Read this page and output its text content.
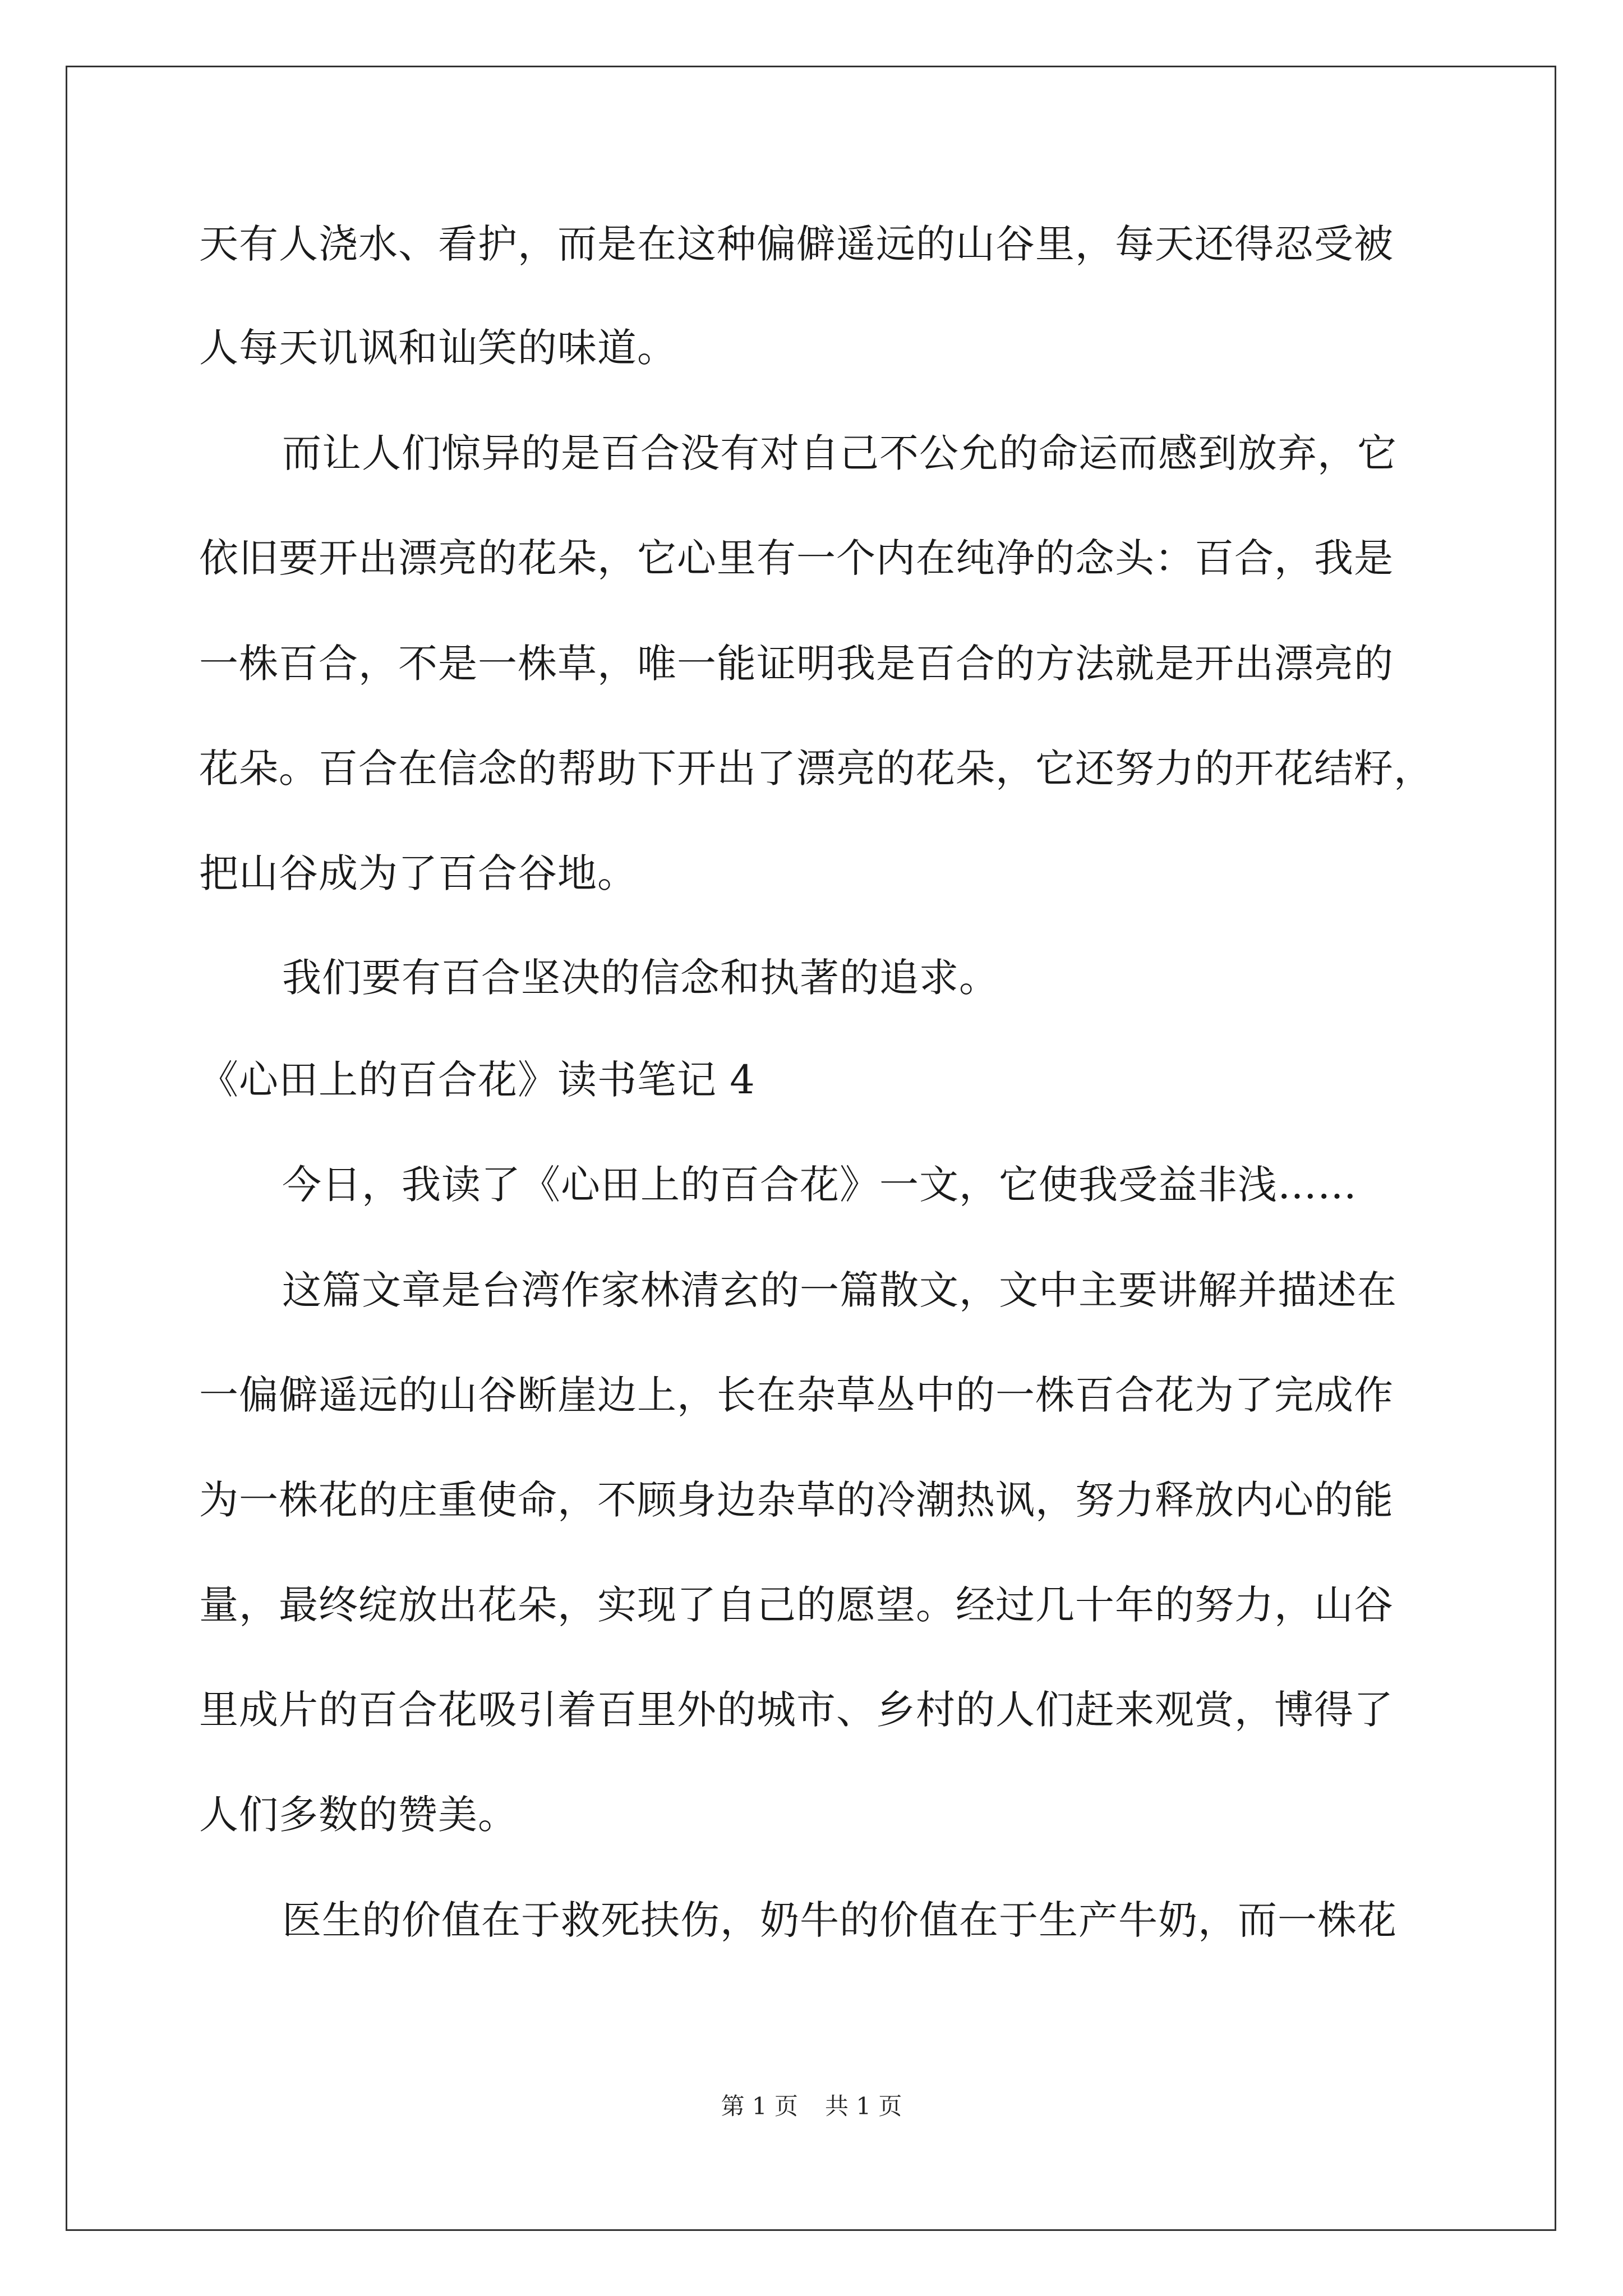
天有人浇水、看护，而是在这种偏僻遥远的山谷里，每天还得忍受被
人每天讥讽和讪笑的味道。
而让人们惊异的是百合没有对自己不公允的命运而感到放弃，它
依旧要开出漂亮的花朵，它心里有一个内在纯净的念头：百合，我是
一株百合，不是一株草，唯一能证明我是百合的方法就是开出漂亮的
花朵。百合在信念的帮助下开出了漂亮的花朵，它还努力的开花结籽，
把山谷成为了百合谷地。
我们要有百合坚决的信念和执著的追求。
《心田上的百合花》读书笔记 4
今日，我读了《心田上的百合花》一文，它使我受益非浅……
这篇文章是台湾作家林清玄的一篇散文，文中主要讲解并描述在
一偏僻遥远的山谷断崖边上，长在杂草丛中的一株百合花为了完成作
为一株花的庄重使命，不顾身边杂草的冷潮热讽，努力释放内心的能
量，最终绽放出花朵，实现了自己的愿望。经过几十年的努力，山谷
里成片的百合花吸引着百里外的城市、乡村的人们赶来观赏，博得了
人们多数的赞美。
医生的价值在于救死扶伤，奶牛的价值在于生产牛奶，而一株花
第 1 页 共 1 页
